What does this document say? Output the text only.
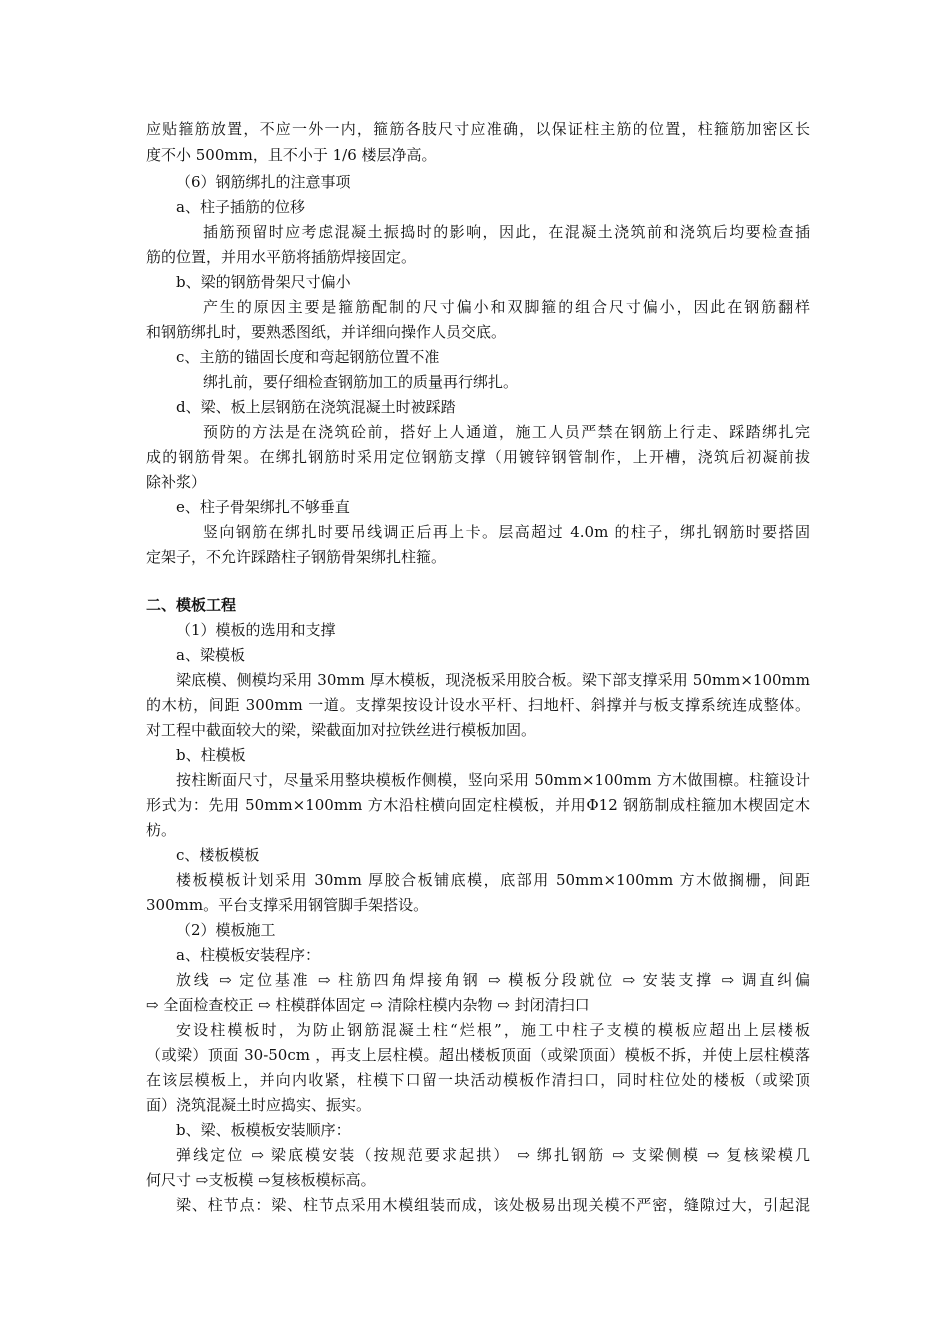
应贴箍筋放置，不应一外一内，箍筋各肢尺寸应准确，以保证柱主筋的位置，柱箍筋加密区长
度不小 500mm，且不小于 1/6 楼层净高。
（6）钢筋绑扎的注意事项
a、柱子插筋的位移
插筋预留时应考虑混凝土振捣时的影响，因此，在混凝土浇筑前和浇筑后均要检查插
筋的位置，并用水平筋将插筋焊接固定。
b、梁的钢筋骨架尺寸偏小
产生的原因主要是箍筋配制的尺寸偏小和双脚箍的组合尺寸偏小，因此在钢筋翻样
和钢筋绑扎时，要熟悉图纸，并详细向操作人员交底。
c、主筋的锚固长度和弯起钢筋位置不准
绑扎前，要仔细检查钢筋加工的质量再行绑扎。
d、梁、板上层钢筋在浇筑混凝土时被踩踏
预防的方法是在浇筑砼前，搭好上人通道，施工人员严禁在钢筋上行走、踩踏绑扎完
成的钢筋骨架。在绑扎钢筋时采用定位钢筋支撑（用镀锌钢管制作，上开槽，浇筑后初凝前拔
除补浆）
e、柱子骨架绑扎不够垂直
竖向钢筋在绑扎时要吊线调正后再上卡。层高超过 4.0m 的柱子，绑扎钢筋时要搭固
定架子，不允许踩踏柱子钢筋骨架绑扎柱箍。
二、模板工程
（1）模板的选用和支撑
a、梁模板
梁底模、侧模均采用 30mm 厚木模板，现浇板采用胶合板。梁下部支撑采用 50mm×100mm
的木枋，间距 300mm 一道。支撑架按设计设水平杆、扫地杆、斜撑并与板支撑系统连成整体。
对工程中截面较大的梁，梁截面加对拉铁丝进行模板加固。
b、柱模板
按柱断面尺寸，尽量采用整块模板作侧模，竖向采用 50mm×100mm 方木做围檩。柱箍设计
形式为：先用 50mm×100mm 方木沿柱横向固定柱模板，并用Φ12 钢筋制成柱箍加木楔固定木
枋。
c、楼板模板
楼板模板计划采用 30mm 厚胶合板铺底模，底部用 50mm×100mm 方木做搁栅，间距
300mm。平台支撑采用钢管脚手架搭设。
（2）模板施工
a、柱模板安装程序：
放线 ⇨ 定位基准 ⇨ 柱筋四角焊接角钢 ⇨ 模板分段就位 ⇨ 安装支撑 ⇨ 调直纠偏
⇨ 全面检查校正 ⇨ 柱模群体固定 ⇨ 清除柱模内杂物 ⇨ 封闭清扫口
安设柱模板时，为防止钢筋混凝土柱“烂根”，施工中柱子支模的模板应超出上层楼板
（或梁）顶面 30-50cm ，再支上层柱模。超出楼板顶面（或梁顶面）模板不拆，并使上层柱模落
在该层模板上，并向内收紧，柱模下口留一块活动模板作清扫口，同时柱位处的楼板（或梁顶
面）浇筑混凝土时应捣实、振实。
b、梁、板模板安装顺序：
弹线定位 ⇨ 梁底模安装（按规范要求起拱） ⇨ 绑扎钢筋 ⇨ 支梁侧模 ⇨ 复核梁模几
何尺寸 ⇨支板模 ⇨复核板模标高。
梁、柱节点：梁、柱节点采用木模组装而成，该处极易出现关模不严密，缝隙过大，引起混
